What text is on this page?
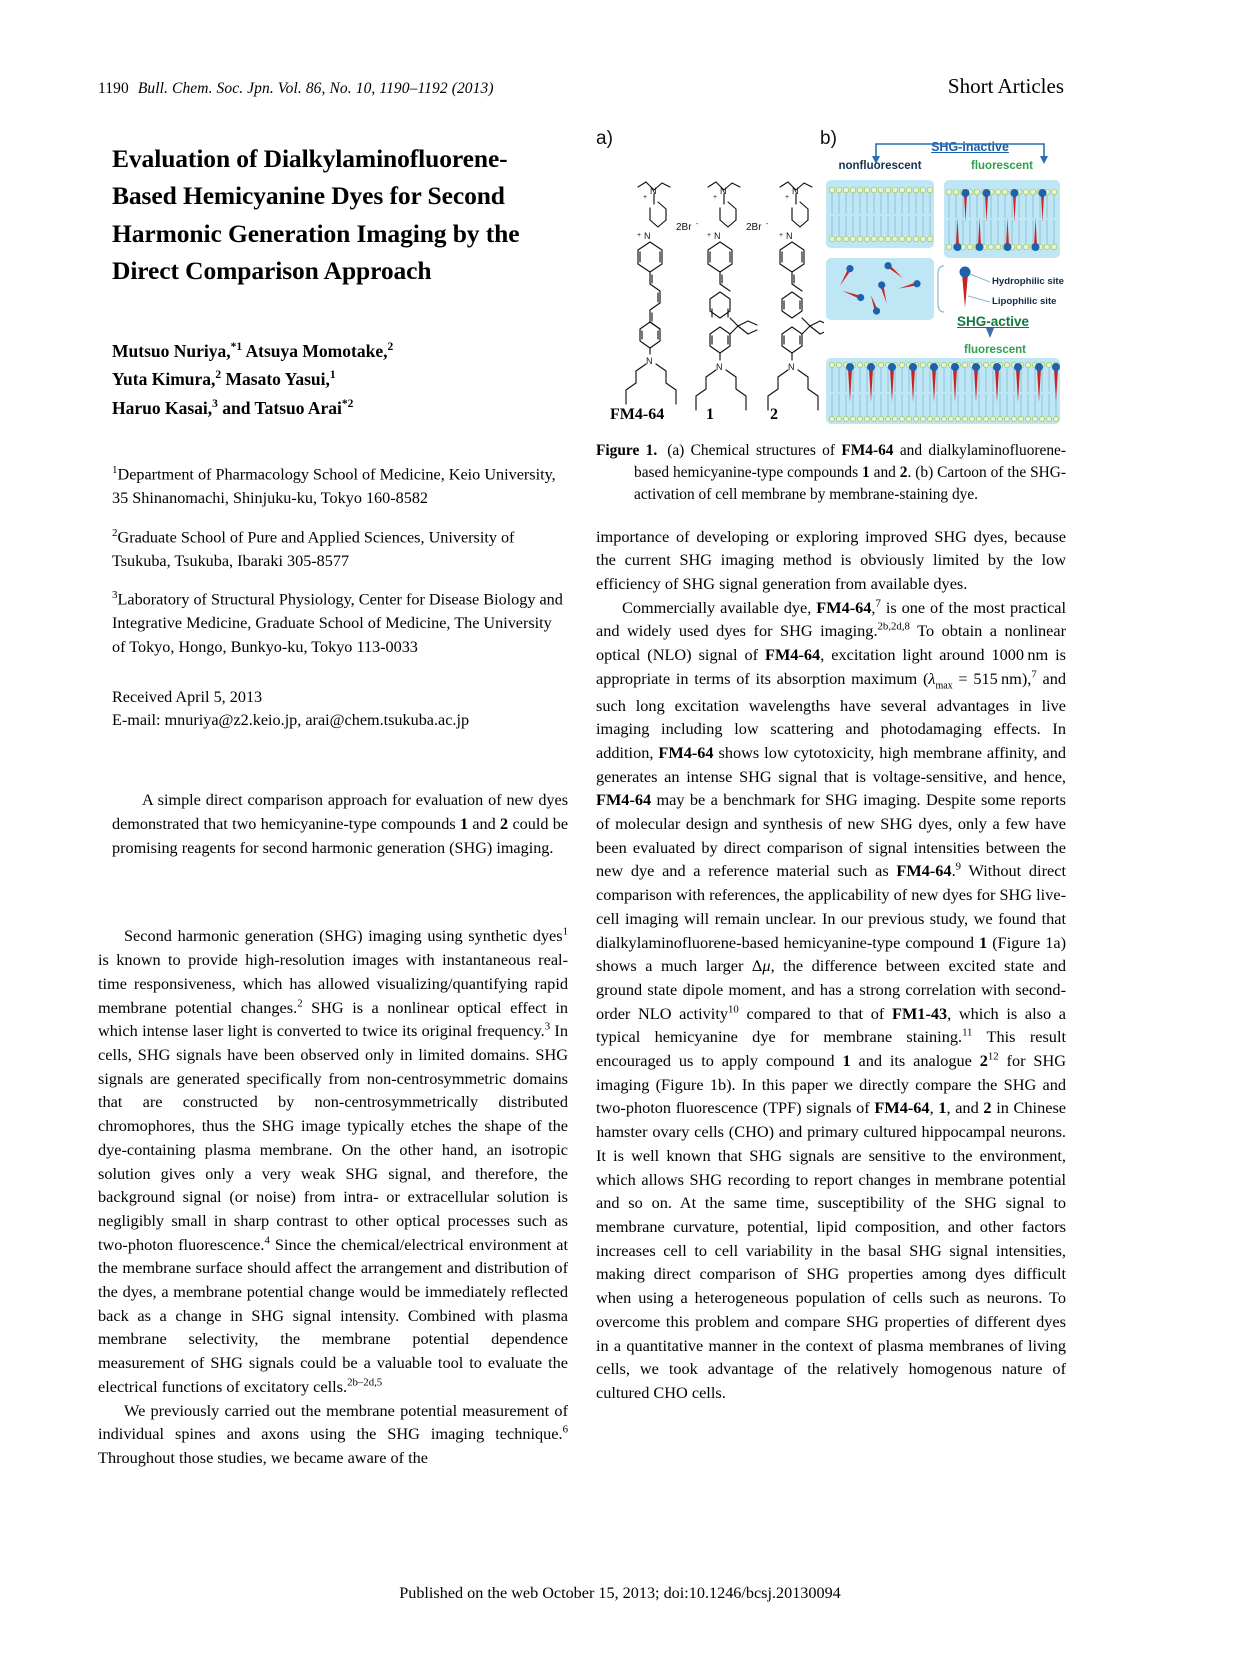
1190 Bull. Chem. Soc. Jpn. Vol. 86, No. 10, 1190–1192 (2013)	Short Articles
Evaluation of Dialkylaminofluorene-Based Hemicyanine Dyes for Second Harmonic Generation Imaging by the Direct Comparison Approach
Mutsuo Nuriya,$^{*1}$ Atsuya Momotake,$^2$
Yuta Kimura,$^2$ Masato Yasui,$^1$
Haruo Kasai,$^3$ and Tatsuo Arai$^{*2}$
$^1$Department of Pharmacology School of Medicine, Keio University, 35 Shinanomachi, Shinjuku-ku, Tokyo 160-8582
$^2$Graduate School of Pure and Applied Sciences, University of Tsukuba, Tsukuba, Ibaraki 305-8577
$^3$Laboratory of Structural Physiology, Center for Disease Biology and Integrative Medicine, Graduate School of Medicine, The University of Tokyo, Hongo, Bunkyo-ku, Tokyo 113-0033
Received April 5, 2013
E-mail: mnuriya@z2.keio.jp, arai@chem.tsukuba.ac.jp
A simple direct comparison approach for evaluation of new dyes demonstrated that two hemicyanine-type compounds 1 and 2 could be promising reagents for second harmonic generation (SHG) imaging.

Second harmonic generation (SHG) imaging using synthetic dyes$^1$ is known to provide high-resolution images with instantaneous real-time responsiveness, which has allowed visualizing/quantifying rapid membrane potential changes.$^2$ SHG is a nonlinear optical effect in which intense laser light is converted to twice its original frequency.$^3$ In cells, SHG signals have been observed only in limited domains. SHG signals are generated specifically from non-centrosymmetric domains that are constructed by non-centrosymmetrically distributed chromophores, thus the SHG image typically etches the shape of the dye-containing plasma membrane. On the other hand, an isotropic solution gives only a very weak SHG signal, and therefore, the background signal (or noise) from intra- or extracellular solution is negligibly small in sharp contrast to other optical processes such as two-photon fluorescence.$^4$ Since the chemical/electrical environment at the membrane surface should affect the arrangement and distribution of the dyes, a membrane potential change would be immediately reflected back as a change in SHG signal intensity. Combined with plasma membrane selectivity, the membrane potential dependence measurement of SHG signals could be a valuable tool to evaluate the electrical functions of excitatory cells.$^{2b-2d,5}$

We previously carried out the membrane potential measurement of individual spines and axons using the SHG imaging technique.$^6$ Throughout those studies, we became aware of the

a)	b)
N
+
N
+
N
2Br -
N
+
N
+
N
2Br -
N
+
N
+
N
FM4-64	1	2
SHG-inactive
nonfluorescent	fluorescent
SHG-active
fluorescent
Hydrophilic site
Lipophilic site
Figure 1. (a) Chemical structures of FM4-64 and dialkylaminofluorene-based hemicyanine-type compounds 1 and 2. (b) Cartoon of the SHG-activation of cell membrane by membrane-staining dye.

importance of developing or exploring improved SHG dyes, because the current SHG imaging method is obviously limited by the low efficiency of SHG signal generation from available dyes.

Commercially available dye, FM4-64,$^7$ is one of the most practical and widely used dyes for SHG imaging.$^{2b,2d,8}$ To obtain a nonlinear optical (NLO) signal of FM4-64, excitation light around 1000 nm is appropriate in terms of its absorption maximum ($\lambda_{max} = 515$ nm),$^7$ and such long excitation wavelengths have several advantages in live imaging including low scattering and photodamaging effects. In addition, FM4-64 shows low cytotoxicity, high membrane affinity, and generates an intense SHG signal that is voltage-sensitive, and hence, FM4-64 may be a benchmark for SHG imaging. Despite some reports of molecular design and synthesis of new SHG dyes, only a few have been evaluated by direct comparison of signal intensities between the new dye and a reference material such as FM4-64.$^9$ Without direct comparison with references, the applicability of new dyes for SHG live-cell imaging will remain unclear. In our previous study, we found that dialkylaminofluorene-based hemicyanine-type compound 1 (Figure 1a) shows a much larger Δμ, the difference between excited state and ground state dipole moment, and has a strong correlation with second-order NLO activity$^{10}$ compared to that of FM1-43, which is also a typical hemicyanine dye for membrane staining.$^{11}$ This result encouraged us to apply compound 1 and its analogue $2^{12}$ for SHG imaging (Figure 1b). In this paper we directly compare the SHG and two-photon fluorescence (TPF) signals of FM4-64, 1, and 2 in Chinese hamster ovary cells (CHO) and primary cultured hippocampal neurons. It is well known that SHG signals are sensitive to the environment, which allows SHG recording to report changes in membrane potential and so on. At the same time, susceptibility of the SHG signal to membrane curvature, potential, lipid composition, and other factors increases cell to cell variability in the basal SHG signal intensities, making direct comparison of SHG properties among dyes difficult when using a heterogeneous population of cells such as neurons. To overcome this problem and compare SHG properties of different dyes in a quantitative manner in the context of plasma membranes of living cells, we took advantage of the relatively homogenous nature of cultured CHO cells.

Published on the web October 15, 2013; doi:10.1246/bcsj.20130094
